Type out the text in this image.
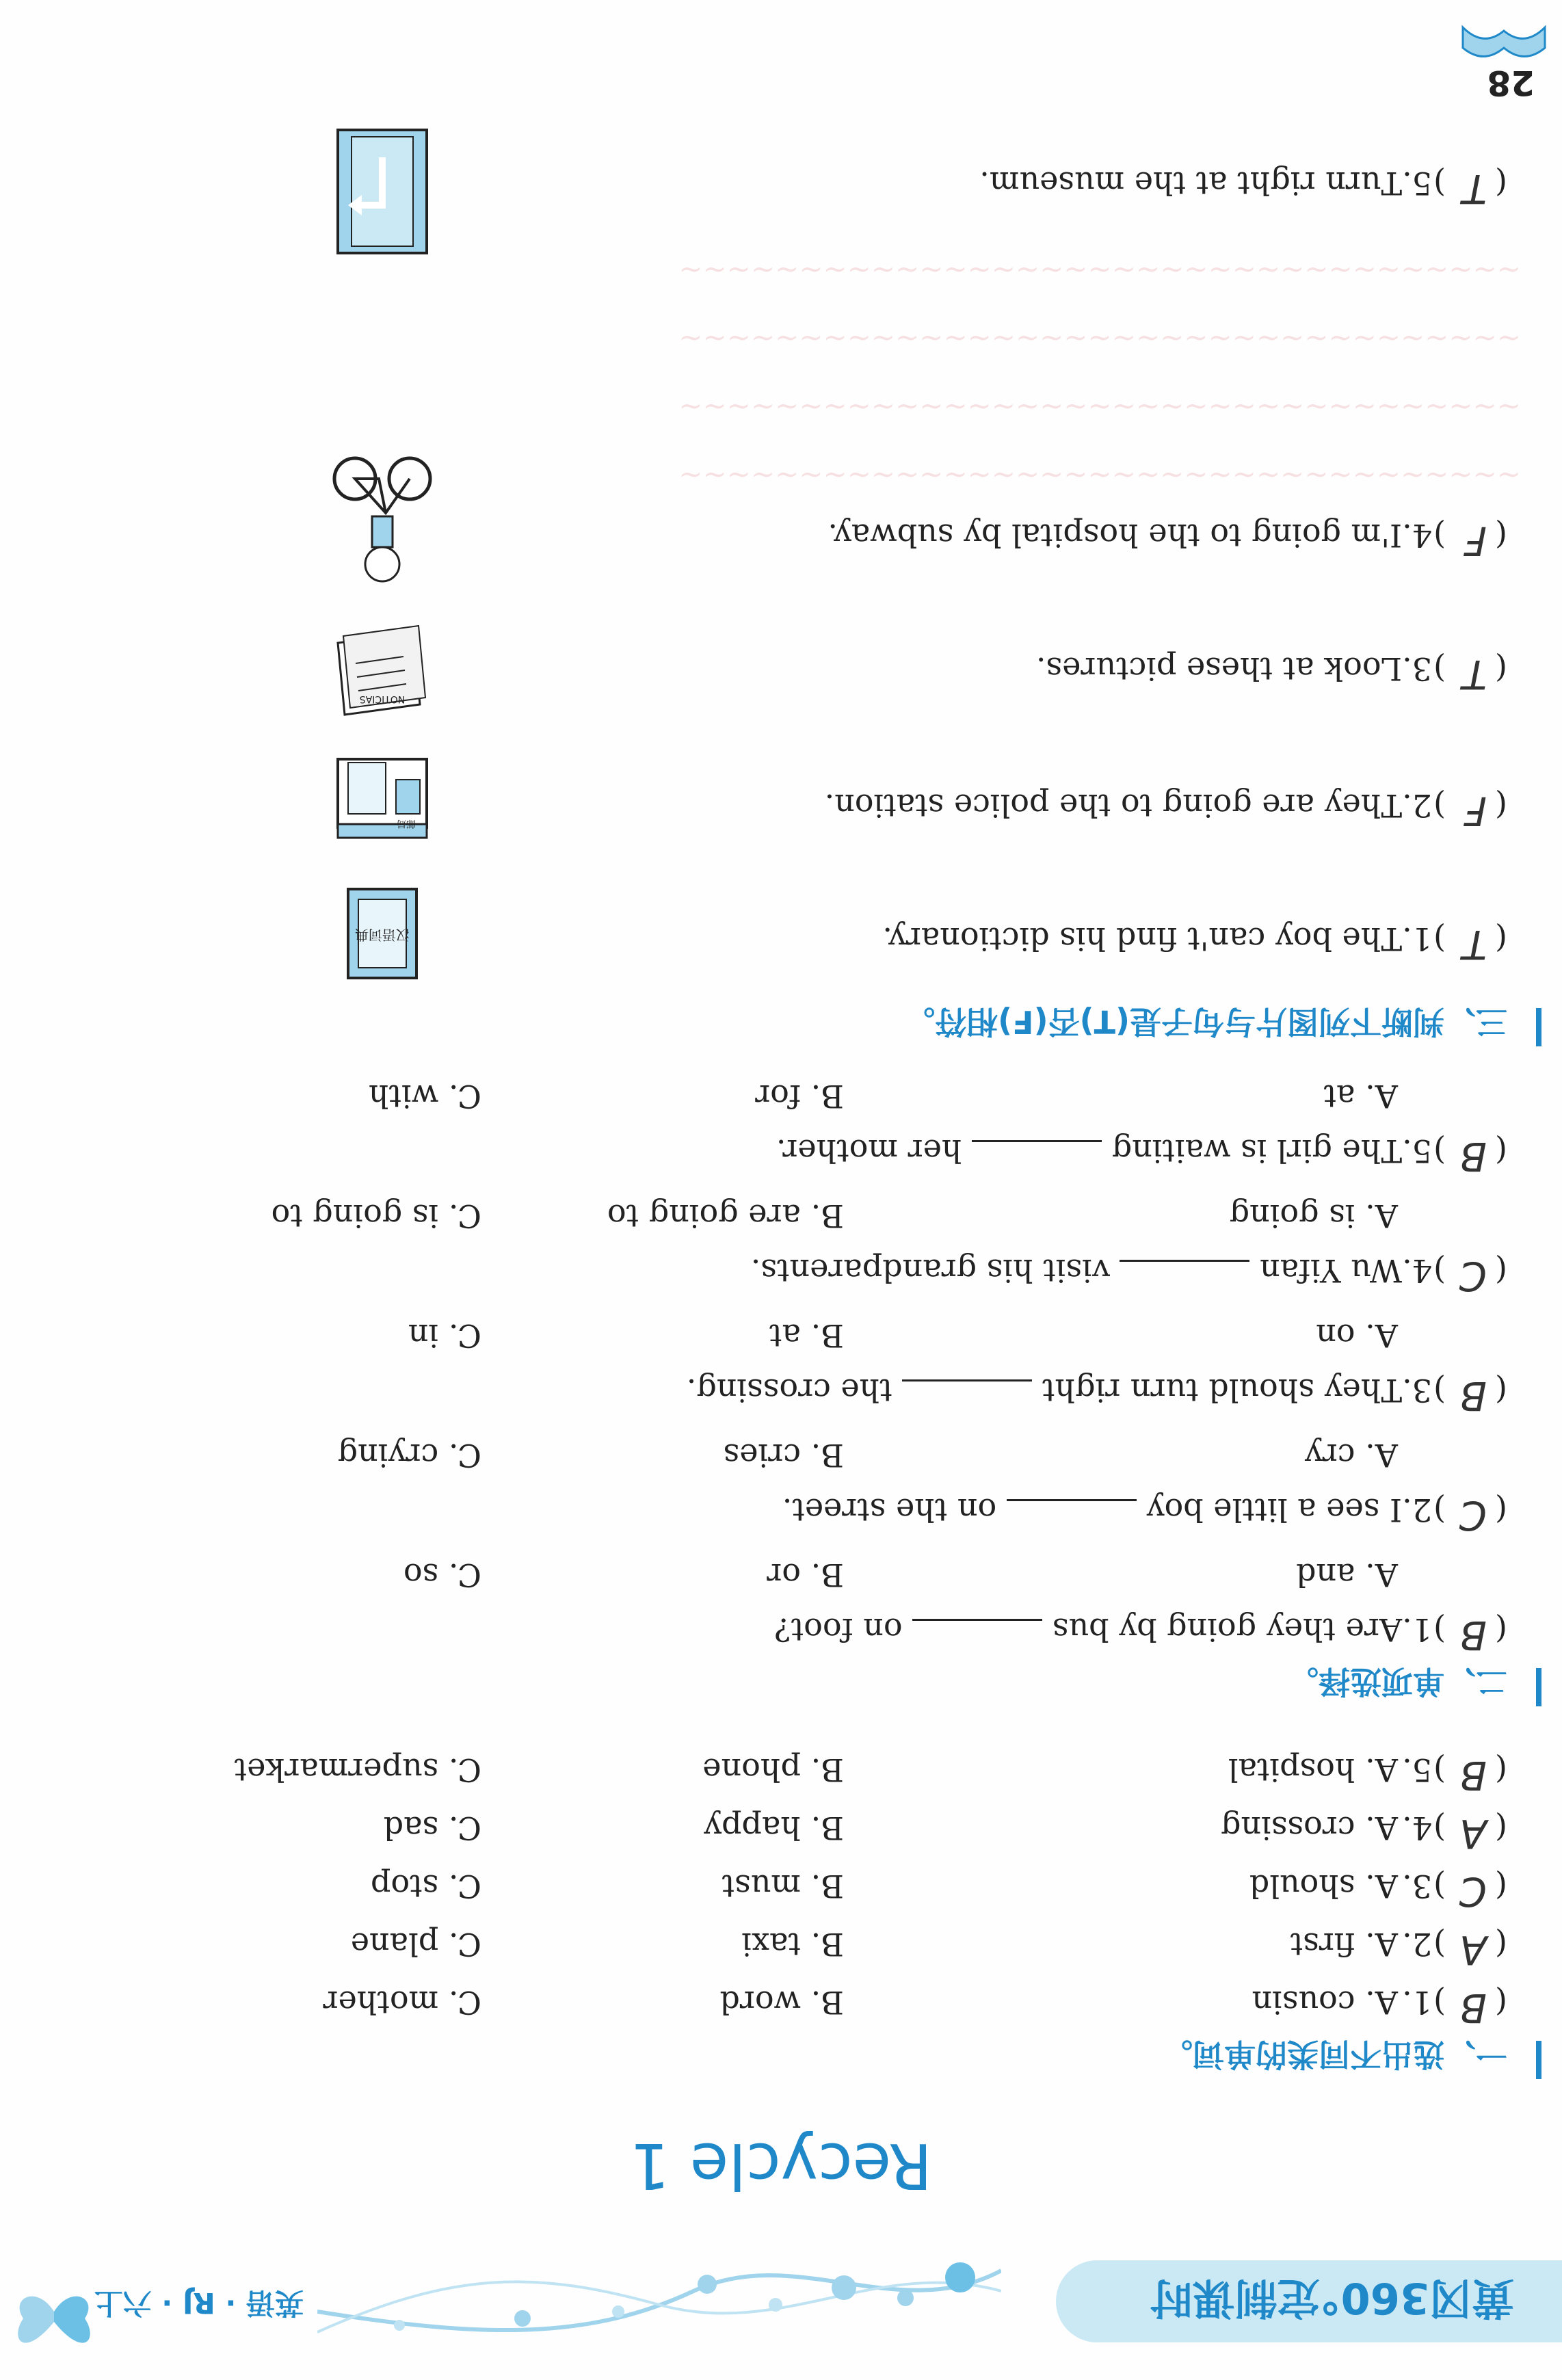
黄冈360°定制课时
英语 · RJ · 六上
Recycle 1
一、选出不同类的单词。
(
B
)
1.
A. cousin
B. word
C. mother
(
A
)
2.
A. first
B. taxi
C. plane
(
C
)
3.
A. should
B. must
C. stop
(
A
)
4.
A. crossing
B. happy
C. sad
(
B
)
5.
A. hospital
B. phone
C. supermarket
二、单项选择。
(
B
)
1.Are they going by bus  on foot?
A. and
B. or
C. so
(
C
)
2.I see a little boy  on the street.
A. cry
B. cries
C. crying
(
B
)
3.They should turn right  the crossing.
A. on
B. at
C. in
(
C
)
4.Wu Yifan  visit his grandparents.
A. is going
B. are going to
C. is going to
(
B
)
5.The girl is waiting  her mother.
A. at
B. for
C. with
三、判断下列图片与句子是(T)否(F)相符。
(
T
)
1.The boy can't find his dictionary.
汉语词典
(
F
)
2.They are going to the police station.
邮局
(
T
)
3.Look at these pictures.
NOTICIAS
(
F
)
4.I'm going to the hospital by subway.
(
T
)
5.Turn right at the museum.
~~~~~~~~~~~~~~~~~~~~~~~~~~~~~~~~~~~
~~~~~~~~~~~~~~~~~~~~~~~~~~~~~~~~~~~
~~~~~~~~~~~~~~~~~~~~~~~~~~~~~~~~~~~
~~~~~~~~~~~~~~~~~~~~~~~~~~~~~~~~~~~
28
